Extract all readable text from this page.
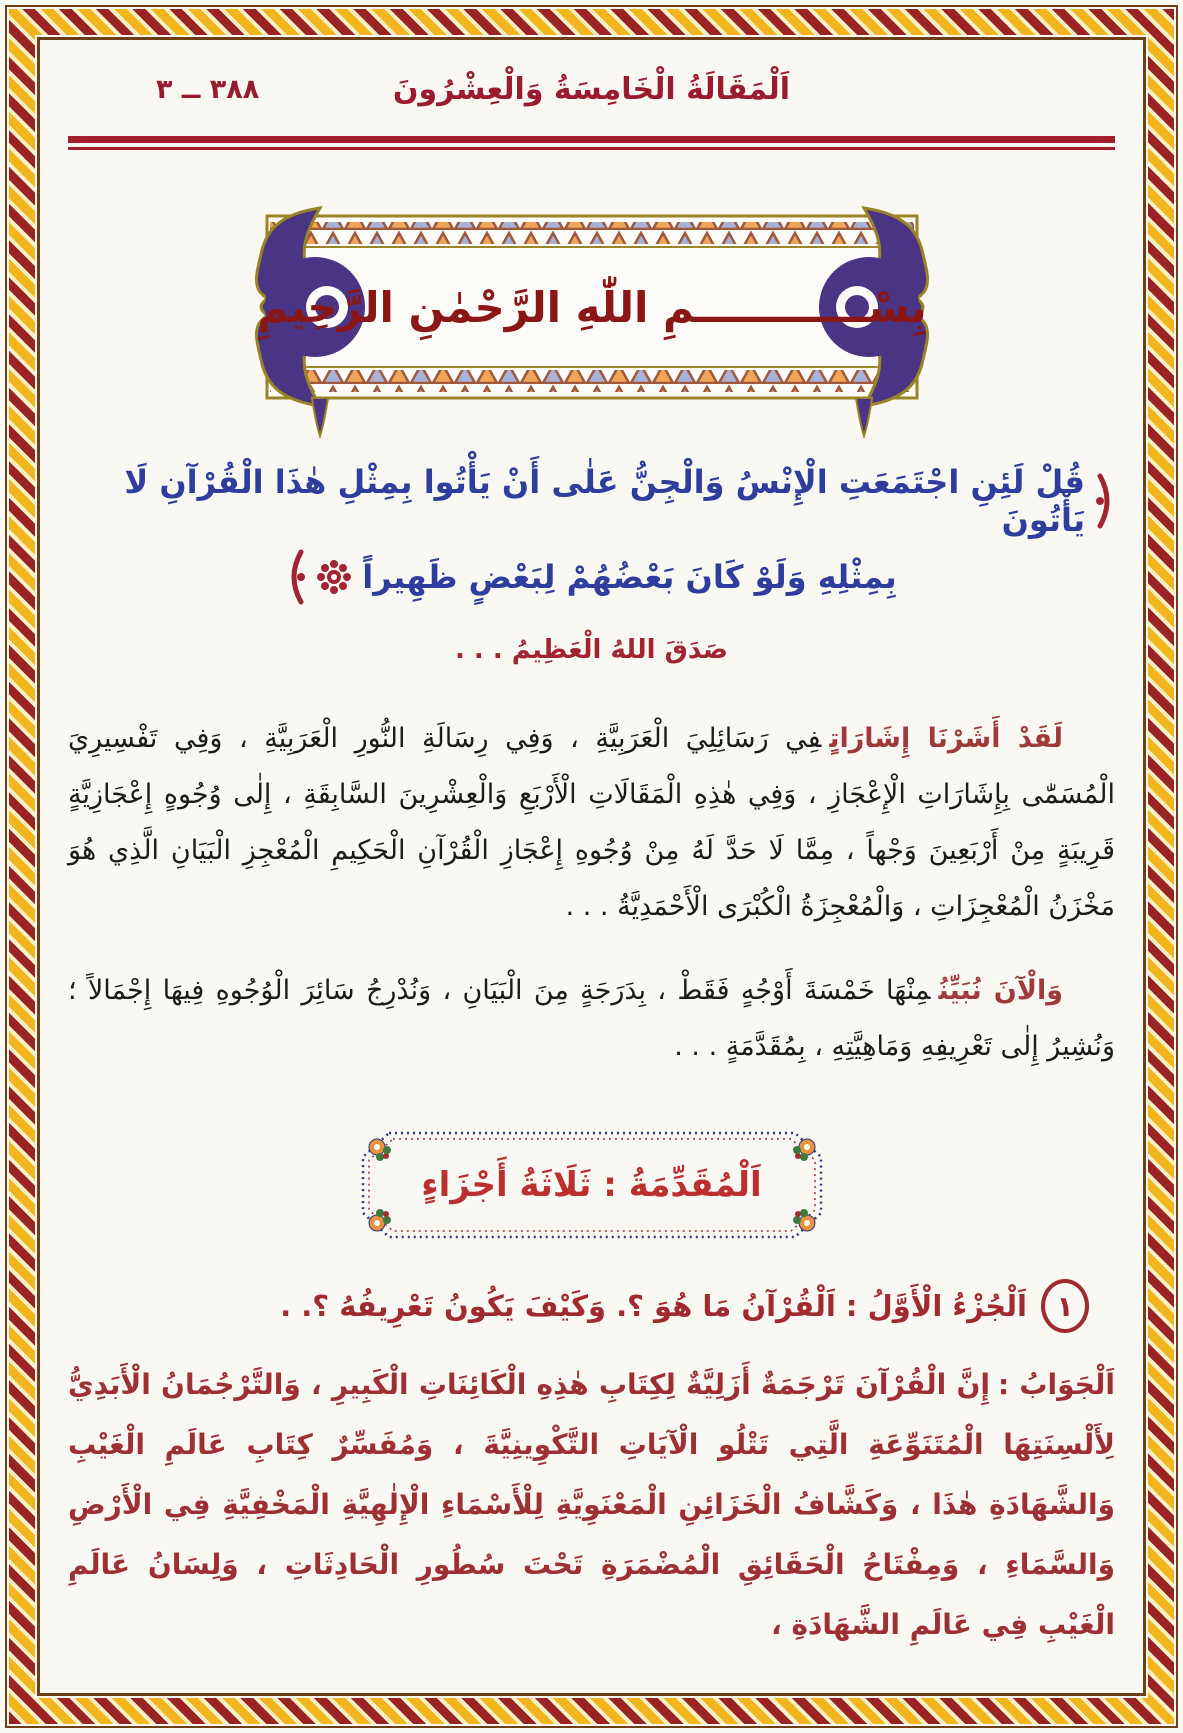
اَلْمَقَالَةُ الْخَامِسَةُ وَالْعِشْرُونَ
٣٨٨ ــ ٣
بِسْــــــــــــمِ اللّٰهِ الرَّحْمٰنِ الرَّحِيمِ
قُلْ لَئِنِ اجْتَمَعَتِ الْإِنْسُ وَالْجِنُّ عَلٰى أَنْ يَأْتُوا بِمِثْلِ هٰذَا الْقُرْآنِ لَا يَأْتُونَ
بِمِثْلِهِ وَلَوْ كَانَ بَعْضُهُمْ لِبَعْضٍ ظَهِيراً
صَدَقَ اللهُ الْعَظِيمُ . . .

لَقَدْ أَشَرْنَا إِشَارَاتٍفِي رَسَائِلِيَ الْعَرَبِيَّةِ ، وَفِي رِسَالَةِ النُّورِ الْعَرَبِيَّةِ ، وَفِي تَفْسِيرِيَ الْمُسَمّٰى بِإِشَارَاتِ الْإِعْجَازِ ، وَفِي هٰذِهِ الْمَقَالَاتِ الْأَرْبَعِ وَالْعِشْرِينَ السَّابِقَةِ ، إِلٰى وُجُوهٍ إِعْجَازِيَّةٍ قَرِيبَةٍ مِنْ أَرْبَعِينَ وَجْهاً ، مِمَّا لَا حَدَّ لَهُ مِنْ وُجُوهِ إِعْجَازِ الْقُرْآنِ الْحَكِيمِ الْمُعْجِزِ الْبَيَانِ الَّذِي هُوَ مَخْزَنُ الْمُعْجِزَاتِ ، وَالْمُعْجِزَةُ الْكُبْرَى الْأَحْمَدِيَّةُ . . .

وَالْآنَ نُبَيِّنُمِنْهَا خَمْسَةَ أَوْجُهٍ فَقَطْ ، بِدَرَجَةٍ مِنَ الْبَيَانِ ، وَنُدْرِجُ سَائِرَ الْوُجُوهِ فِيهَا إِجْمَالاً ؛ وَنُشِيرُ إِلٰى تَعْرِيفِهِ وَمَاهِيَّتِهِ ، بِمُقَدَّمَةٍ . . .

اَلْمُقَدِّمَةُ : ثَلَاثَةُ أَجْزَاءٍ
١
اَلْجُزْءُ الْأَوَّلُ : اَلْقُرْآنُ مَا هُوَ ؟. وَكَيْفَ يَكُونُ تَعْرِيفُهُ ؟. .

اَلْجَوَابُ :إِنَّ الْقُرْآنَ تَرْجَمَةٌ أَزَلِيَّةٌ لِكِتَابِ هٰذِهِ الْكَائِنَاتِ الْكَبِيرِ ، وَالتَّرْجُمَانُ الْأَبَدِيُّ لِأَلْسِنَتِهَا الْمُتَنَوِّعَةِ الَّتِي تَتْلُو الْآيَاتِ التَّكْوِينِيَّةَ ، وَمُفَسِّرٌ كِتَابِ عَالَمِ الْغَيْبِ وَالشَّهَادَةِ هٰذَا ، وَكَشَّافُ الْخَزَائِنِ الْمَعْنَوِيَّةِ لِلْأَسْمَاءِ الْإِلٰهِيَّةِ الْمَخْفِيَّةِ فِي الْأَرْضِ وَالسَّمَاءِ ، وَمِفْتَاحُ الْحَقَائِقِ الْمُضْمَرَةِ تَحْتَ سُطُورِ الْحَادِثَاتِ ، وَلِسَانُ عَالَمِ الْغَيْبِ فِي عَالَمِ الشَّهَادَةِ ،
